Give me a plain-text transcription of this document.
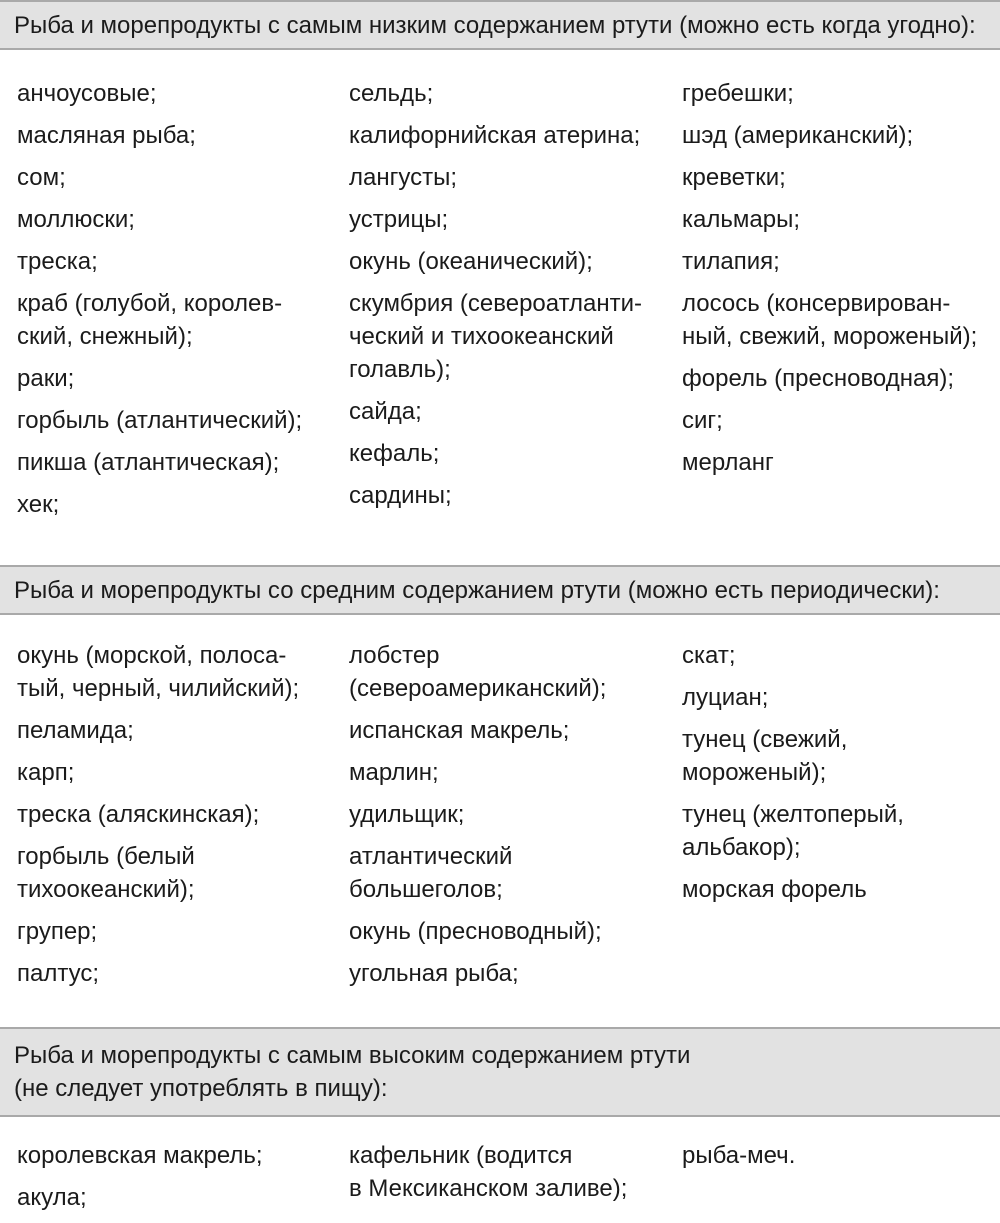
Рыба и морепродукты с самым низким содержанием ртути (можно есть когда угодно):
анчоусовые;
масляная рыба;
сом;
моллюски;
треска;
краб (голубой, королев-
ский, снежный);
раки;
горбыль (атлантический);
пикша (атлантическая);
хек;
сельдь;
калифорнийская атерина;
лангусты;
устрицы;
окунь (океанический);
скумбрия (североатланти-
ческий и тихоокеанский
голавль);
сайда;
кефаль;
сардины;
гребешки;
шэд (американский);
креветки;
кальмары;
тилапия;
лосось (консервирован-
ный, свежий, мороженый);
форель (пресноводная);
сиг;
мерланг
Рыба и морепродукты со средним содержанием ртути (можно есть периодически):
окунь (морской, полоса-
тый, черный, чилийский);
пеламида;
карп;
треска (аляскинская);
горбыль (белый
тихоокеанский);
групер;
палтус;
лобстер
(североамериканский);
испанская макрель;
марлин;
удильщик;
атлантический
большеголов;
окунь (пресноводный);
угольная рыба;
скат;
луциан;
тунец (свежий,
мороженый);
тунец (желтоперый,
альбакор);
морская форель
Рыба и морепродукты с самым высоким содержанием ртути
(не следует употреблять в пищу):
королевская макрель;
акула;
кафельник (водится
в Мексиканском заливе);
рыба-меч.
